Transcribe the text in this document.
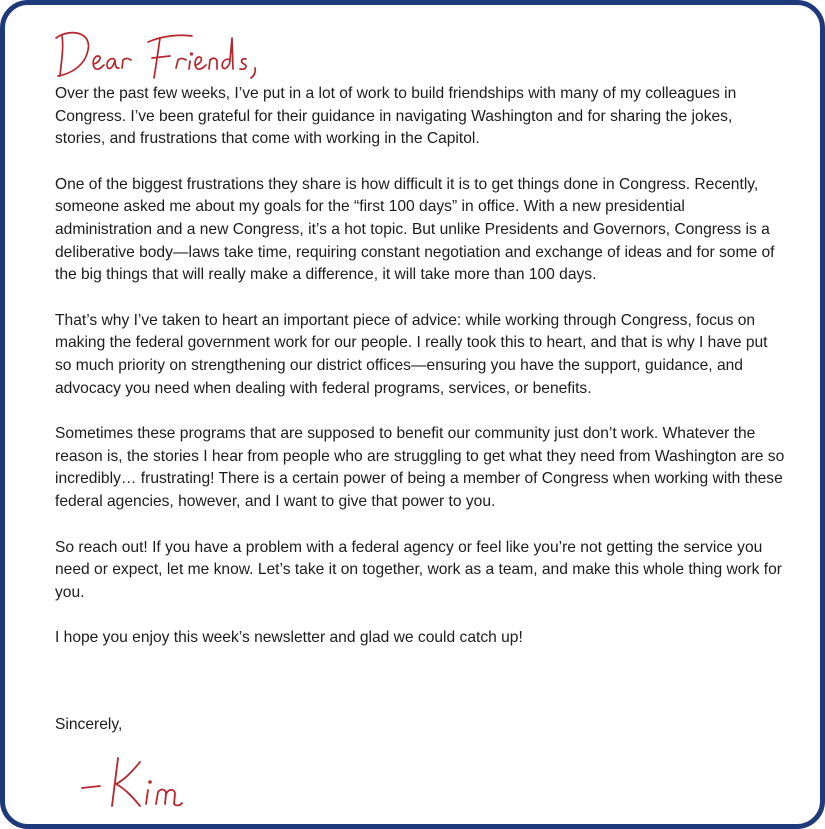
Over the past few weeks, I’ve put in a lot of work to build friendships with many of my colleagues in Congress. I’ve been grateful for their guidance in navigating Washington and for sharing the jokes, stories, and frustrations that come with working in the Capitol.

One of the biggest frustrations they share is how difficult it is to get things done in Congress. Recently, someone asked me about my goals for the “first 100 days” in office. With a new presidential administration and a new Congress, it’s a hot topic. But unlike Presidents and Governors, Congress is a deliberative body—laws take time, requiring constant negotiation and exchange of ideas and for some of the big things that will really make a difference, it will take more than 100 days.

That’s why I’ve taken to heart an important piece of advice: while working through Congress, focus on making the federal government work for our people. I really took this to heart, and that is why I have put so much priority on strengthening our district offices—ensuring you have the support, guidance, and advocacy you need when dealing with federal programs, services, or benefits.

Sometimes these programs that are supposed to benefit our community just don’t work. Whatever the reason is, the stories I hear from people who are struggling to get what they need from Washington are so incredibly… frustrating! There is a certain power of being a member of Congress when working with these federal agencies, however, and I want to give that power to you.

So reach out! If you have a problem with a federal agency or feel like you’re not getting the service you need or expect, let me know. Let’s take it on together, work as a team, and make this whole thing work for you.

I hope you enjoy this week’s newsletter and glad we could catch up!

Sincerely,
